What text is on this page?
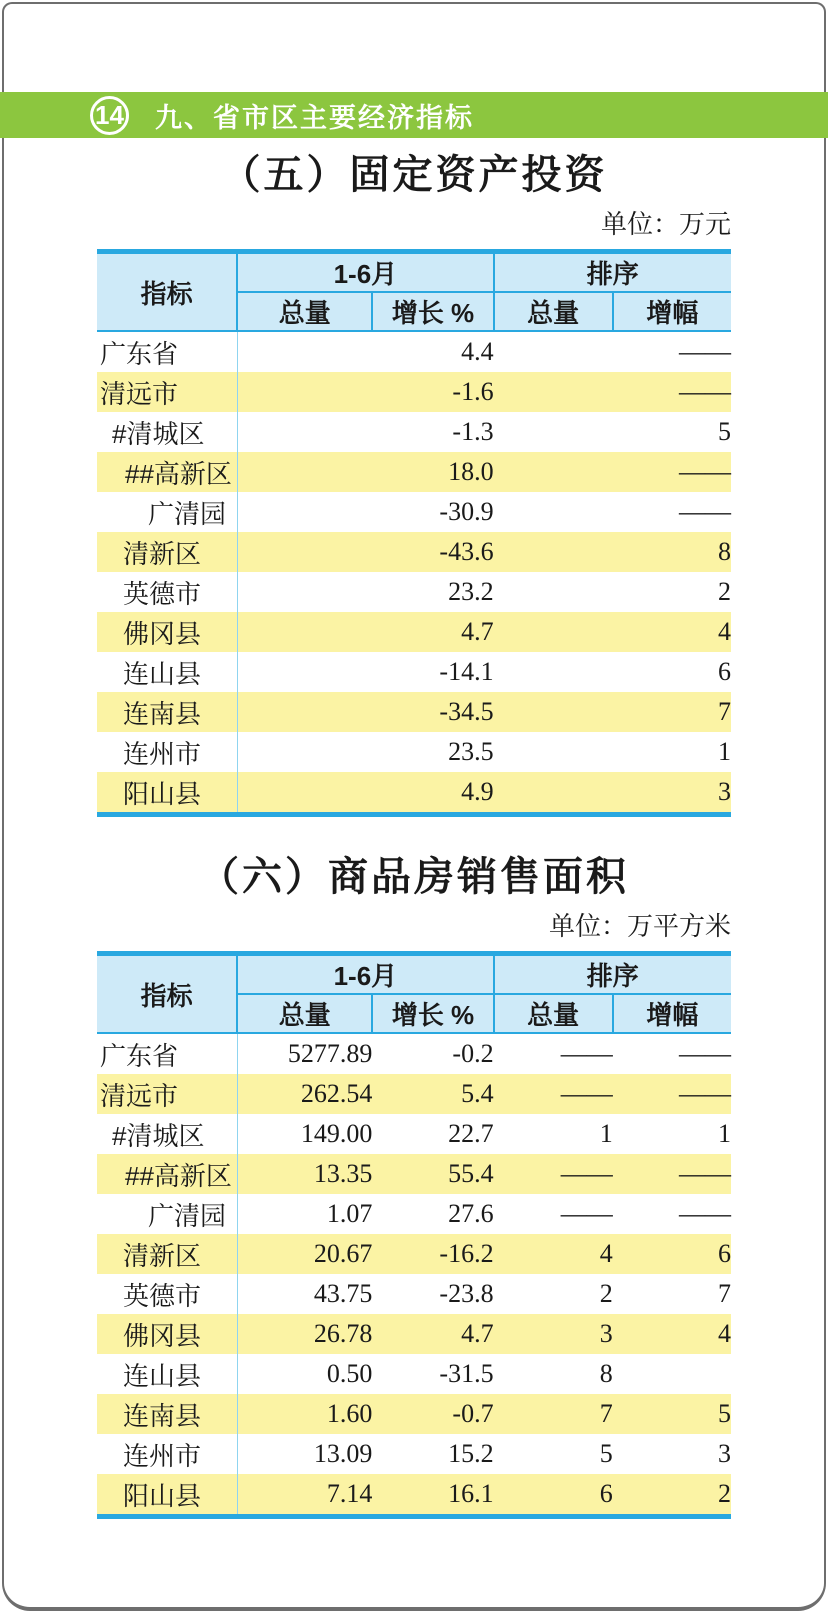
14 九、省市区主要经济指标
（五）固定资产投资
单位：万元
指标	1-6月		排序	
	总量	增长 %	总量	增幅
广东省		4.4		——
清远市		-1.6		——
#清城区		-1.3		5
##高新区		18.0		——
广清园		-30.9		——
清新区		-43.6		8
英德市		23.2		2
佛冈县		4.7		4
连山县		-14.1		6
连南县		-34.5		7
连州市		23.5		1
阳山县		4.9		3
（六）商品房销售面积
单位：万平方米
指标	1-6月		排序	
	总量	增长 %	总量	增幅
广东省	5277.89	-0.2	——	——
清远市	262.54	5.4	——	——
#清城区	149.00	22.7	1	1
##高新区	13.35	55.4	——	——
广清园	1.07	27.6	——	——
清新区	20.67	-16.2	4	6
英德市	43.75	-23.8	2	7
佛冈县	26.78	4.7	3	4
连山县	0.50	-31.5	8	
连南县	1.60	-0.7	7	5
连州市	13.09	15.2	5	3
阳山县	7.14	16.1	6	2
